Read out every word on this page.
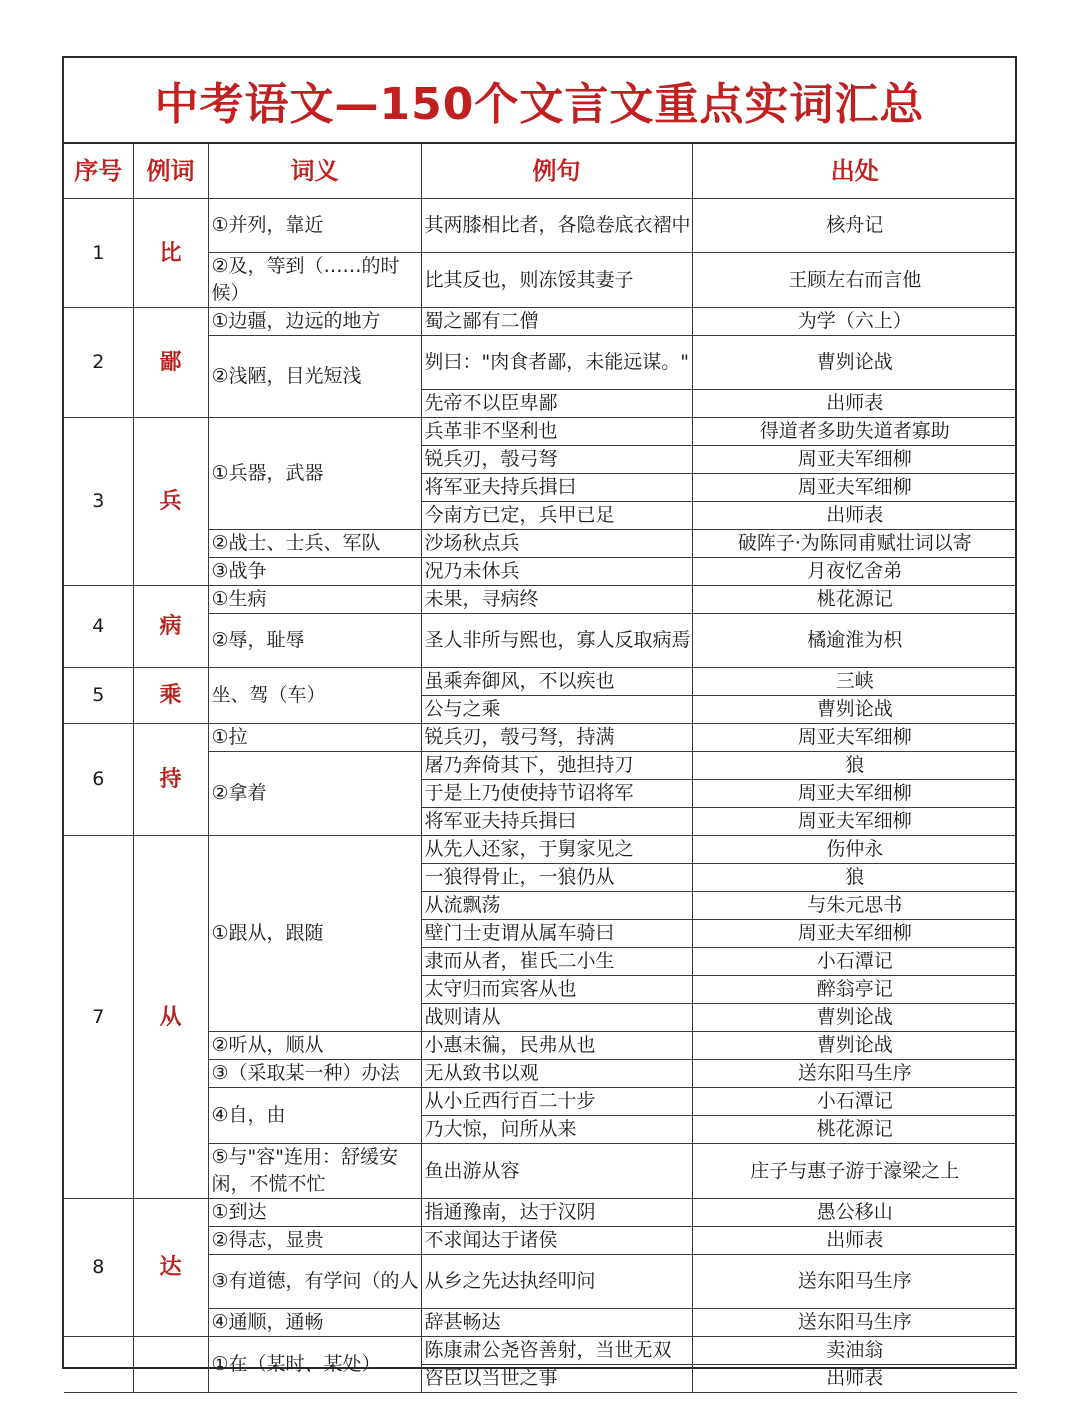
中考语文—150个文言文重点实词汇总
序号	例词	词义	例句	出处
1	比	①并列，靠近	其两膝相比者，各隐卷底衣褶中	核舟记
		②及，等到（……的时候）	比其反也，则冻馁其妻子	王顾左右而言他
2	鄙	①边疆，边远的地方	蜀之鄙有二僧	为学（六上）
		②浅陋，目光短浅	刿曰："肉食者鄙，未能远谋。"	曹刿论战
			先帝不以臣卑鄙	出师表
3	兵	①兵器，武器	兵革非不坚利也	得道者多助失道者寡助
			锐兵刃，彀弓弩	周亚夫军细柳
			将军亚夫持兵揖曰	周亚夫军细柳
			今南方已定，兵甲已足	出师表
		②战士、士兵、军队	沙场秋点兵	破阵子·为陈同甫赋壮词以寄
		③战争	况乃未休兵	月夜忆舍弟
4	病	①生病	未果，寻病终	桃花源记
		②辱，耻辱	圣人非所与熙也，寡人反取病焉	橘逾淮为枳
5	乘	坐、驾（车）	虽乘奔御风，不以疾也	三峡
			公与之乘	曹刿论战
6	持	①拉	锐兵刃，彀弓弩，持满	周亚夫军细柳
		②拿着	屠乃奔倚其下，弛担持刀	狼
			于是上乃使使持节诏将军	周亚夫军细柳
			将军亚夫持兵揖曰	周亚夫军细柳
7	从	①跟从，跟随	从先人还家，于舅家见之	伤仲永
			一狼得骨止，一狼仍从	狼
			从流飘荡	与朱元思书
			壁门士吏谓从属车骑曰	周亚夫军细柳
			隶而从者，崔氏二小生	小石潭记
			太守归而宾客从也	醉翁亭记
			战则请从	曹刿论战
		②听从，顺从	小惠未徧，民弗从也	曹刿论战
		③（采取某一种）办法	无从致书以观	送东阳马生序
		④自，由	从小丘西行百二十步	小石潭记
			乃大惊，问所从来	桃花源记
		⑤与"容"连用：舒缓安闲，不慌不忙	鱼出游从容	庄子与惠子游于濠梁之上
8	达	①到达	指通豫南，达于汉阴	愚公移山
		②得志，显贵	不求闻达于诸侯	出师表
		③有道德，有学问（的人	从乡之先达执经叩问	送东阳马生序
		④通顺，通畅	辞甚畅达	送东阳马生序
		①在（某时、某处）	陈康肃公尧咨善射，当世无双	卖油翁
			咨臣以当世之事	出师表
